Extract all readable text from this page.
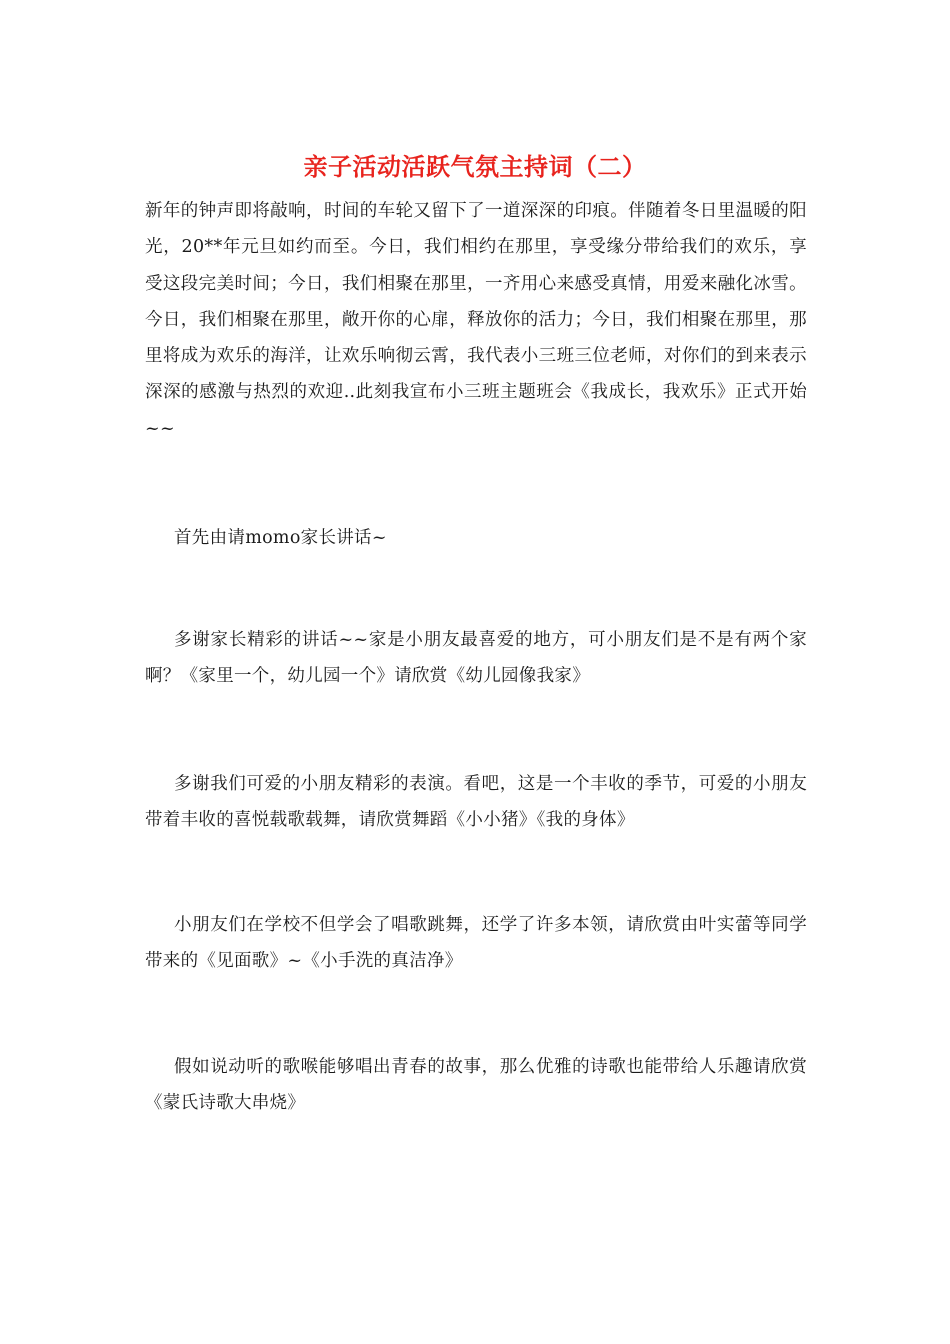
亲子活动活跃气氛主持词（二）

新年的钟声即将敲响，时间的车轮又留下了一道深深的印痕。伴随着冬日里温暖的阳光，20**年元旦如约而至。今日，我们相约在那里，享受缘分带给我们的欢乐，享受这段完美时间；今日，我们相聚在那里，一齐用心来感受真情，用爱来融化冰雪。今日，我们相聚在那里，敞开你的心扉，释放你的活力；今日，我们相聚在那里，那里将成为欢乐的海洋，让欢乐响彻云霄，我代表小三班三位老师，对你们的到来表示深深的感激与热烈的欢迎..此刻我宣布小三班主题班会《我成长，我欢乐》正式开始~~

首先由请momo家长讲话~

多谢家长精彩的讲话~~家是小朋友最喜爱的地方，可小朋友们是不是有两个家啊？《家里一个，幼儿园一个》请欣赏《幼儿园像我家》

多谢我们可爱的小朋友精彩的表演。看吧，这是一个丰收的季节，可爱的小朋友带着丰收的喜悦载歌载舞，请欣赏舞蹈《小小猪》《我的身体》

小朋友们在学校不但学会了唱歌跳舞，还学了许多本领，请欣赏由叶实蕾等同学带来的《见面歌》~《小手洗的真洁净》

假如说动听的歌喉能够唱出青春的故事，那么优雅的诗歌也能带给人乐趣请欣赏《蒙氏诗歌大串烧》
